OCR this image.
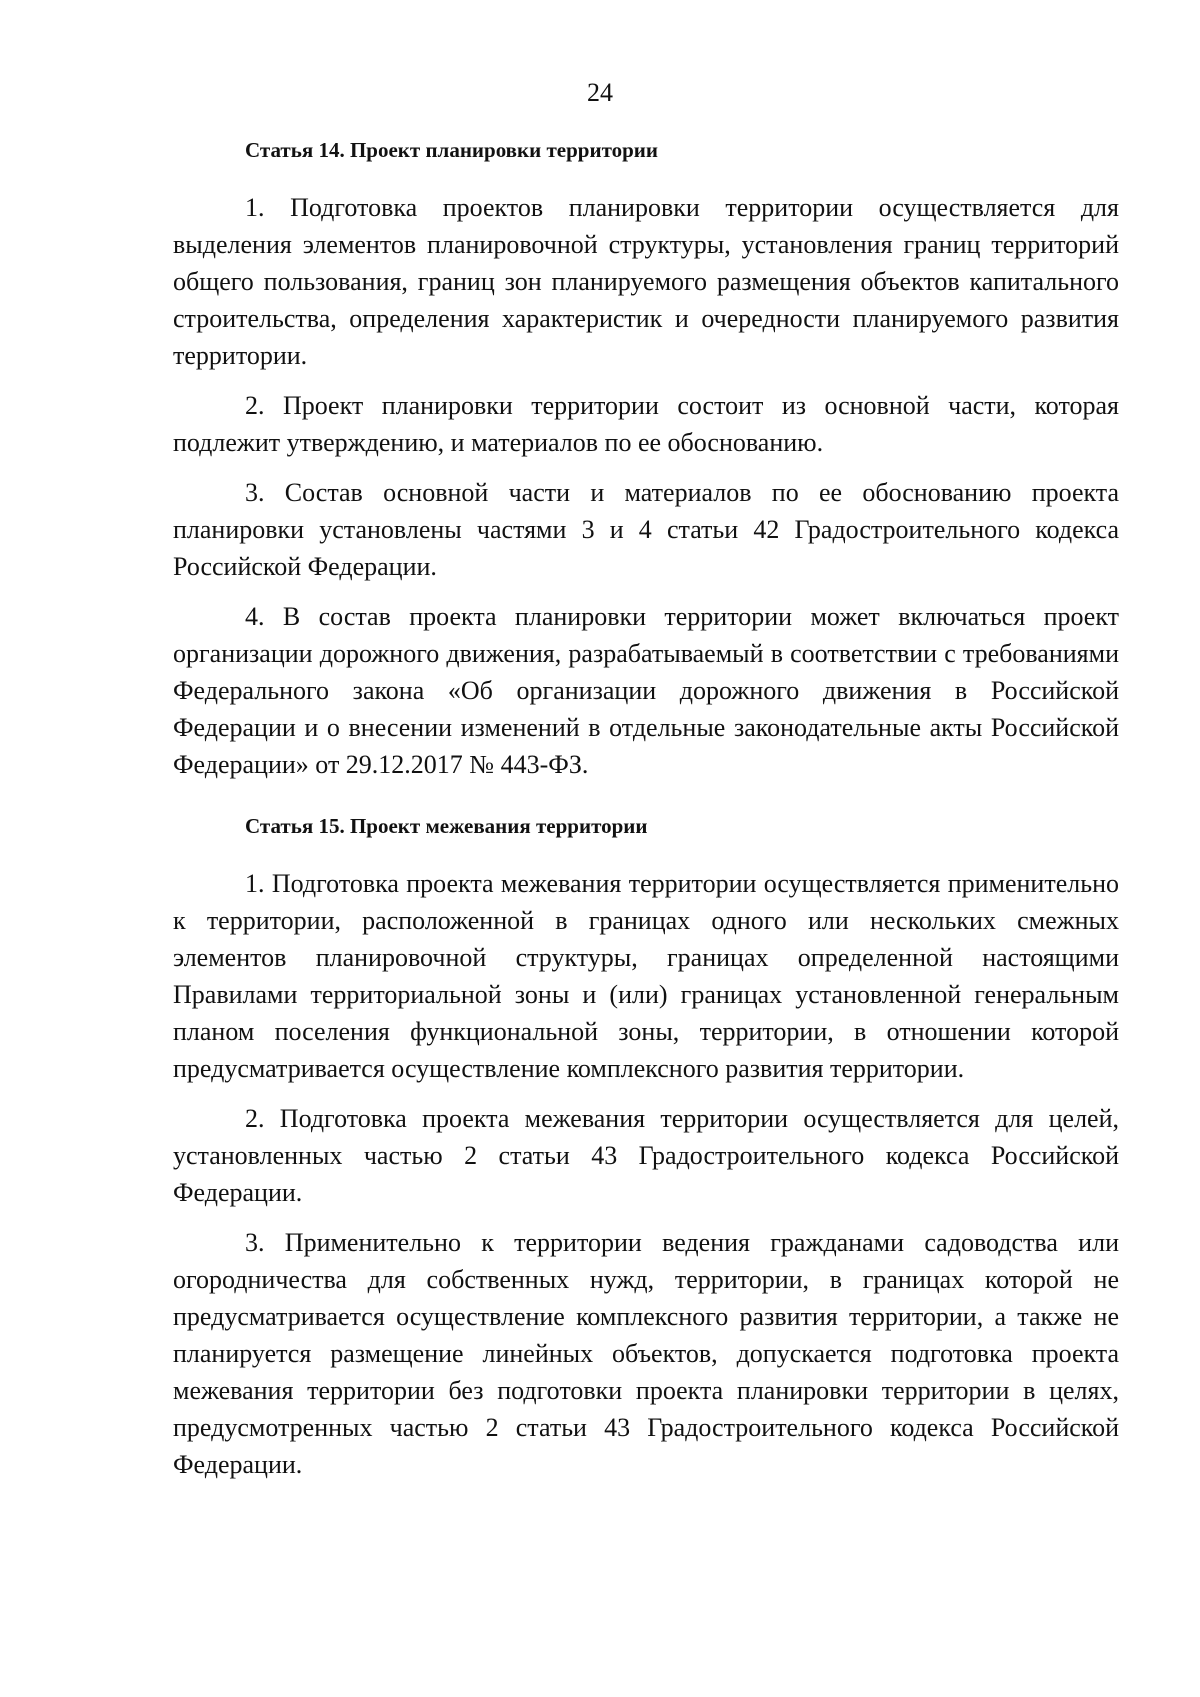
24
Статья 14. Проект планировки территории

1. Подготовка проектов планировки территории осуществляется для выделения элементов планировочной структуры, установления границ территорий общего пользования, границ зон планируемого размещения объектов капитального строительства, определения характеристик и очередности планируемого развития территории.

2. Проект планировки территории состоит из основной части, которая подлежит утверждению, и материалов по ее обоснованию.

3. Состав основной части и материалов по ее обоснованию проекта планировки установлены частями 3 и 4 статьи 42 Градостроительного кодекса Российской Федерации.

4. В состав проекта планировки территории может включаться проект организации дорожного движения, разрабатываемый в соответствии с требованиями Федерального закона «Об организации дорожного движения в Российской Федерации и о внесении изменений в отдельные законодательные акты Российской Федерации» от 29.12.2017 № 443-ФЗ.

Статья 15. Проект межевания территории

1. Подготовка проекта межевания территории осуществляется применительно к территории, расположенной в границах одного или нескольких смежных элементов планировочной структуры, границах определенной настоящими Правилами территориальной зоны и (или) границах установленной генеральным планом поселения функциональной зоны, территории, в отношении которой предусматривается осуществление комплексного развития территории.

2. Подготовка проекта межевания территории осуществляется для целей, установленных частью 2 статьи 43 Градостроительного кодекса Российской Федерации.

3. Применительно к территории ведения гражданами садоводства или огородничества для собственных нужд, территории, в границах которой не предусматривается осуществление комплексного развития территории, а также не планируется размещение линейных объектов, допускается подготовка проекта межевания территории без подготовки проекта планировки территории в целях, предусмотренных частью 2 статьи 43 Градостроительного кодекса Российской Федерации.
